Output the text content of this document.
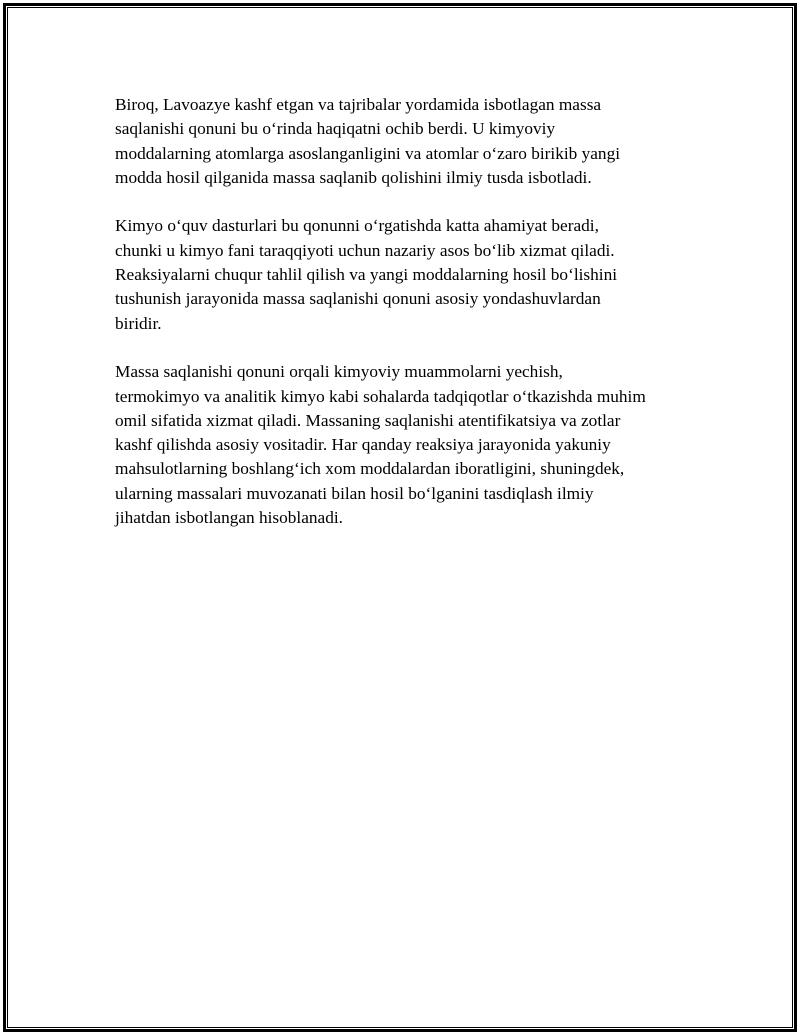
Biroq, Lavoazye kashf etgan va tajribalar yordamida isbotlagan massa
saqlanishi qonuni bu o‘rinda haqiqatni ochib berdi. U kimyoviy
moddalarning atomlarga asoslanganligini va atomlar o‘zaro birikib yangi
modda hosil qilganida massa saqlanib qolishini ilmiy tusda isbotladi.

Kimyo o‘quv dasturlari bu qonunni o‘rgatishda katta ahamiyat beradi,
chunki u kimyo fani taraqqiyoti uchun nazariy asos bo‘lib xizmat qiladi.
Reaksiyalarni chuqur tahlil qilish va yangi moddalarning hosil bo‘lishini
tushunish jarayonida massa saqlanishi qonuni asosiy yondashuvlardan
biridir.

Massa saqlanishi qonuni orqali kimyoviy muammolarni yechish,
termokimyo va analitik kimyo kabi sohalarda tadqiqotlar o‘tkazishda muhim
omil sifatida xizmat qiladi. Massaning saqlanishi atentifikatsiya va zotlar
kashf qilishda asosiy vositadir. Har qanday reaksiya jarayonida yakuniy
mahsulotlarning boshlang‘ich xom moddalardan iboratligini, shuningdek,
ularning massalari muvozanati bilan hosil bo‘lganini tasdiqlash ilmiy
jihatdan isbotlangan hisoblanadi.
